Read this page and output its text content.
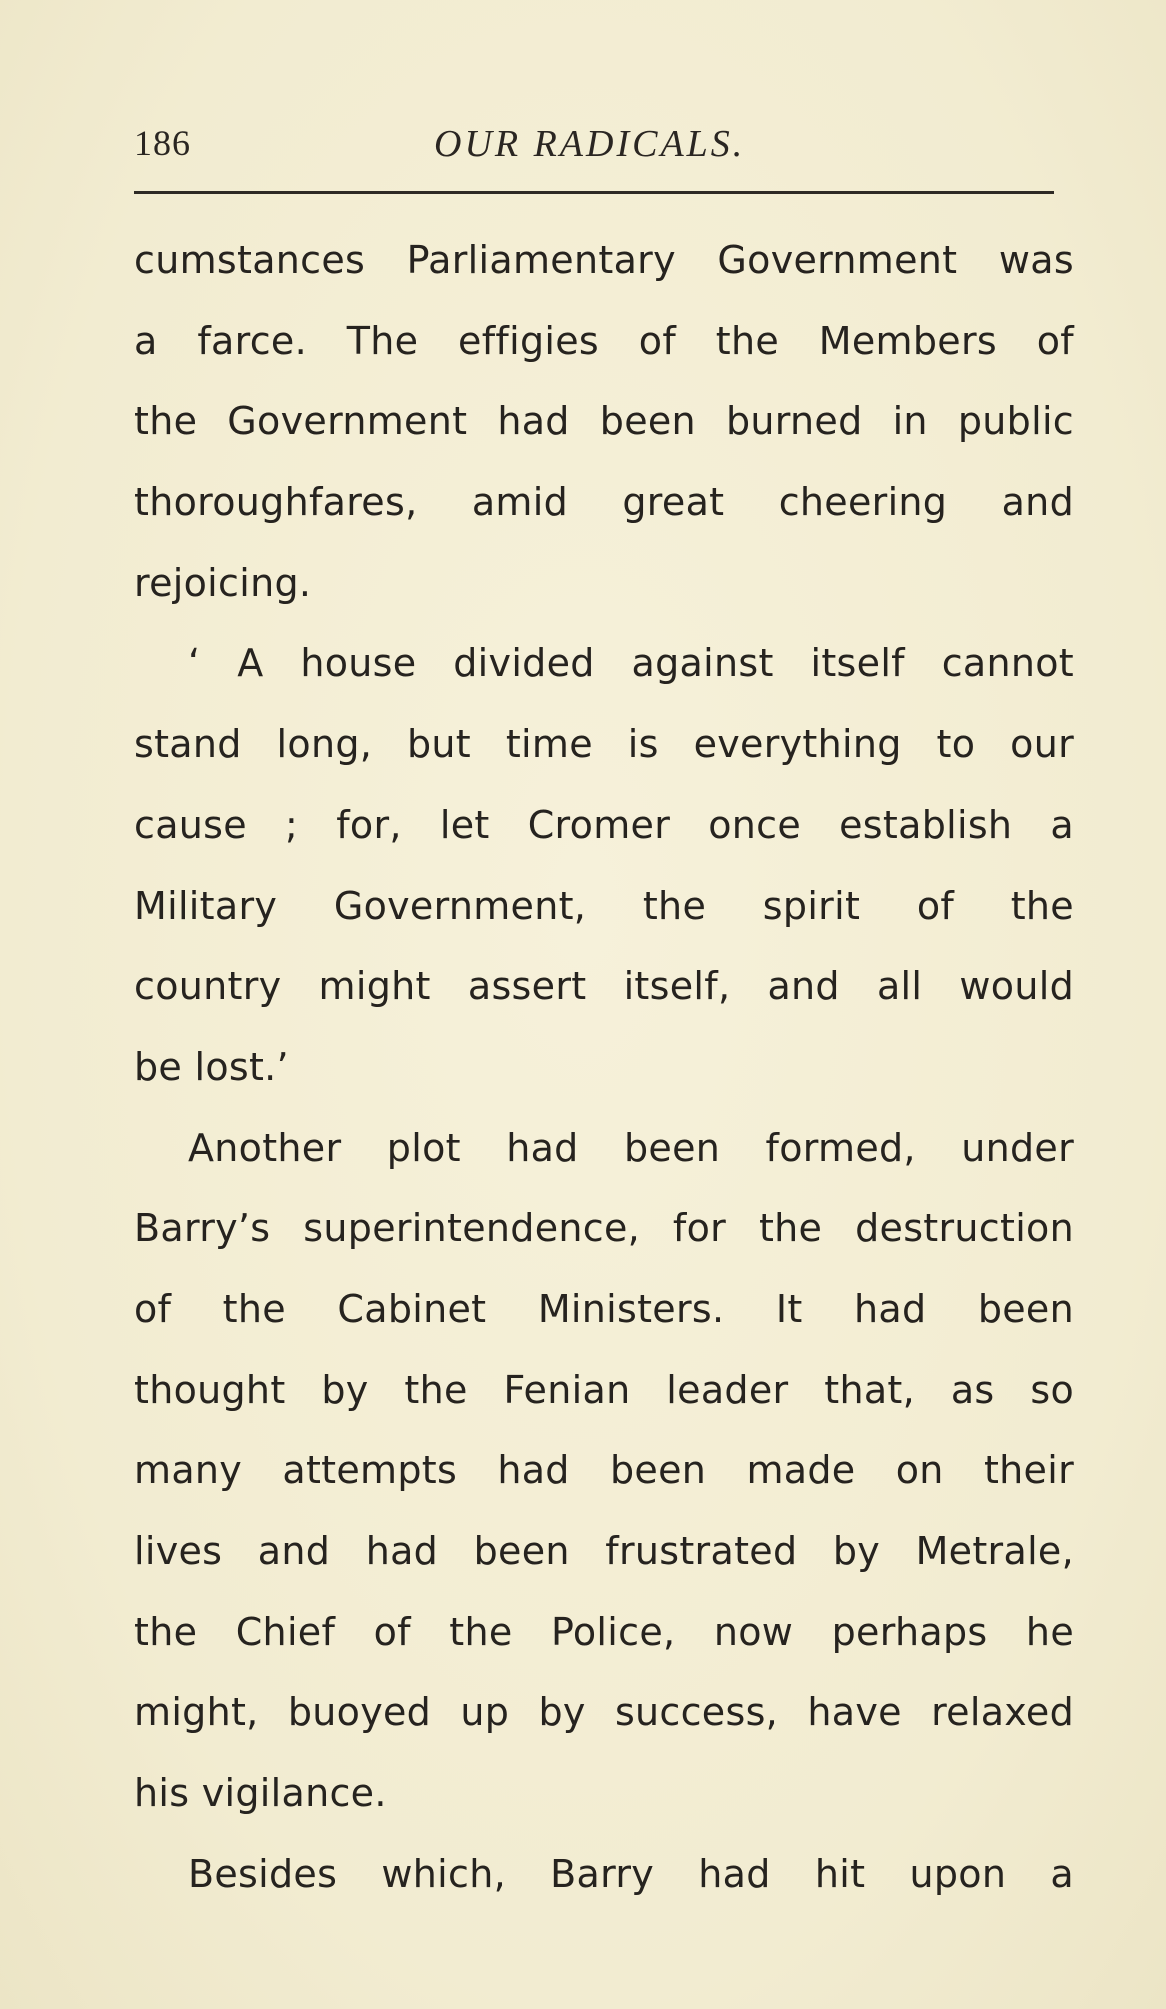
186	OUR RADICALS.
cumstances Parliamentary Government was
a farce. The effigies of the Members of
the Government had been burned in public
thoroughfares, amid great cheering and
rejoicing.
‘ A house divided against itself cannot
stand long, but time is everything to our
cause ; for, let Cromer once establish a
Military Government, the spirit of the
country might assert itself, and all would
be lost.’
Another plot had been formed, under
Barry’s superintendence, for the destruction
of the Cabinet Ministers. It had been
thought by the Fenian leader that, as so
many attempts had been made on their
lives and had been frustrated by Metrale,
the Chief of the Police, now perhaps he
might, buoyed up by success, have relaxed
his vigilance.
Besides which, Barry had hit upon a
